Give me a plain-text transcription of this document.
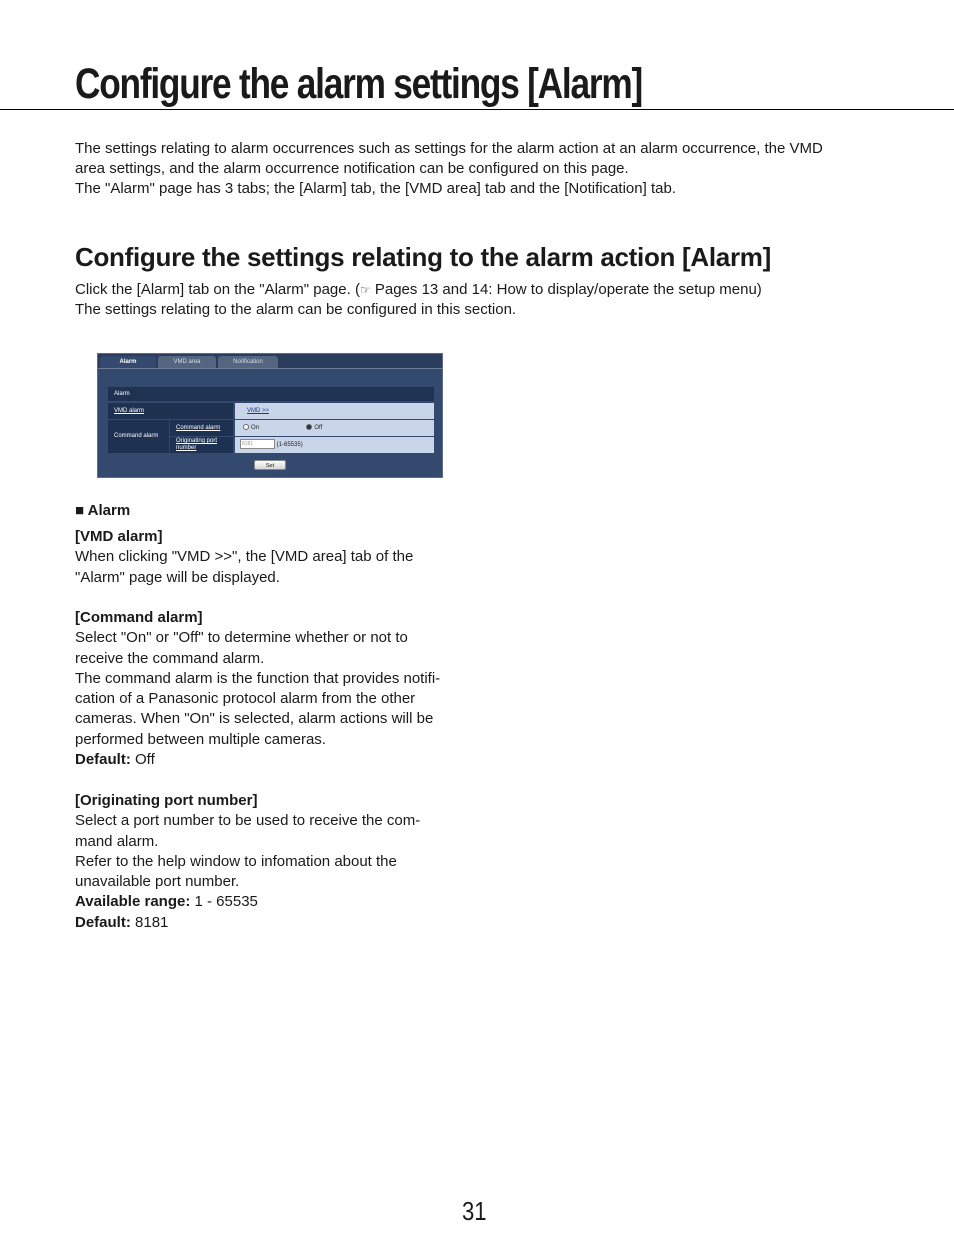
Configure the alarm settings [Alarm]

The settings relating to alarm occurrences such as settings for the alarm action at an alarm occurrence, the VMD
area settings, and the alarm occurrence notification can be configured on this page.
The "Alarm" page has 3 tabs; the [Alarm] tab, the [VMD area] tab and the [Notification] tab.

Configure the settings relating to the alarm action [Alarm]

Click the [Alarm] tab on the "Alarm" page. (☞ Pages 13 and 14: How to display/operate the setup menu)
The settings relating to the alarm can be configured in this section.

Alarm	VMD area	Notification
Alarm
VMD alarm	VMD >>
Command alarm
Command alarm	On	Off
Originating port
number
8181	(1-65535)
Set

■ Alarm

[VMD alarm]
When clicking "VMD >>", the [VMD area] tab of the
"Alarm" page will be displayed.
[Command alarm]
Select "On" or "Off" to determine whether or not to
receive the command alarm.
The command alarm is the function that provides notifi-
cation of a Panasonic protocol alarm from the other
cameras. When "On" is selected, alarm actions will be
performed between multiple cameras.
Default: Off
[Originating port number]
Select a port number to be used to receive the com-
mand alarm.
Refer to the help window to infomation about the
unavailable port number.
Available range: 1 - 65535
Default: 8181
31
